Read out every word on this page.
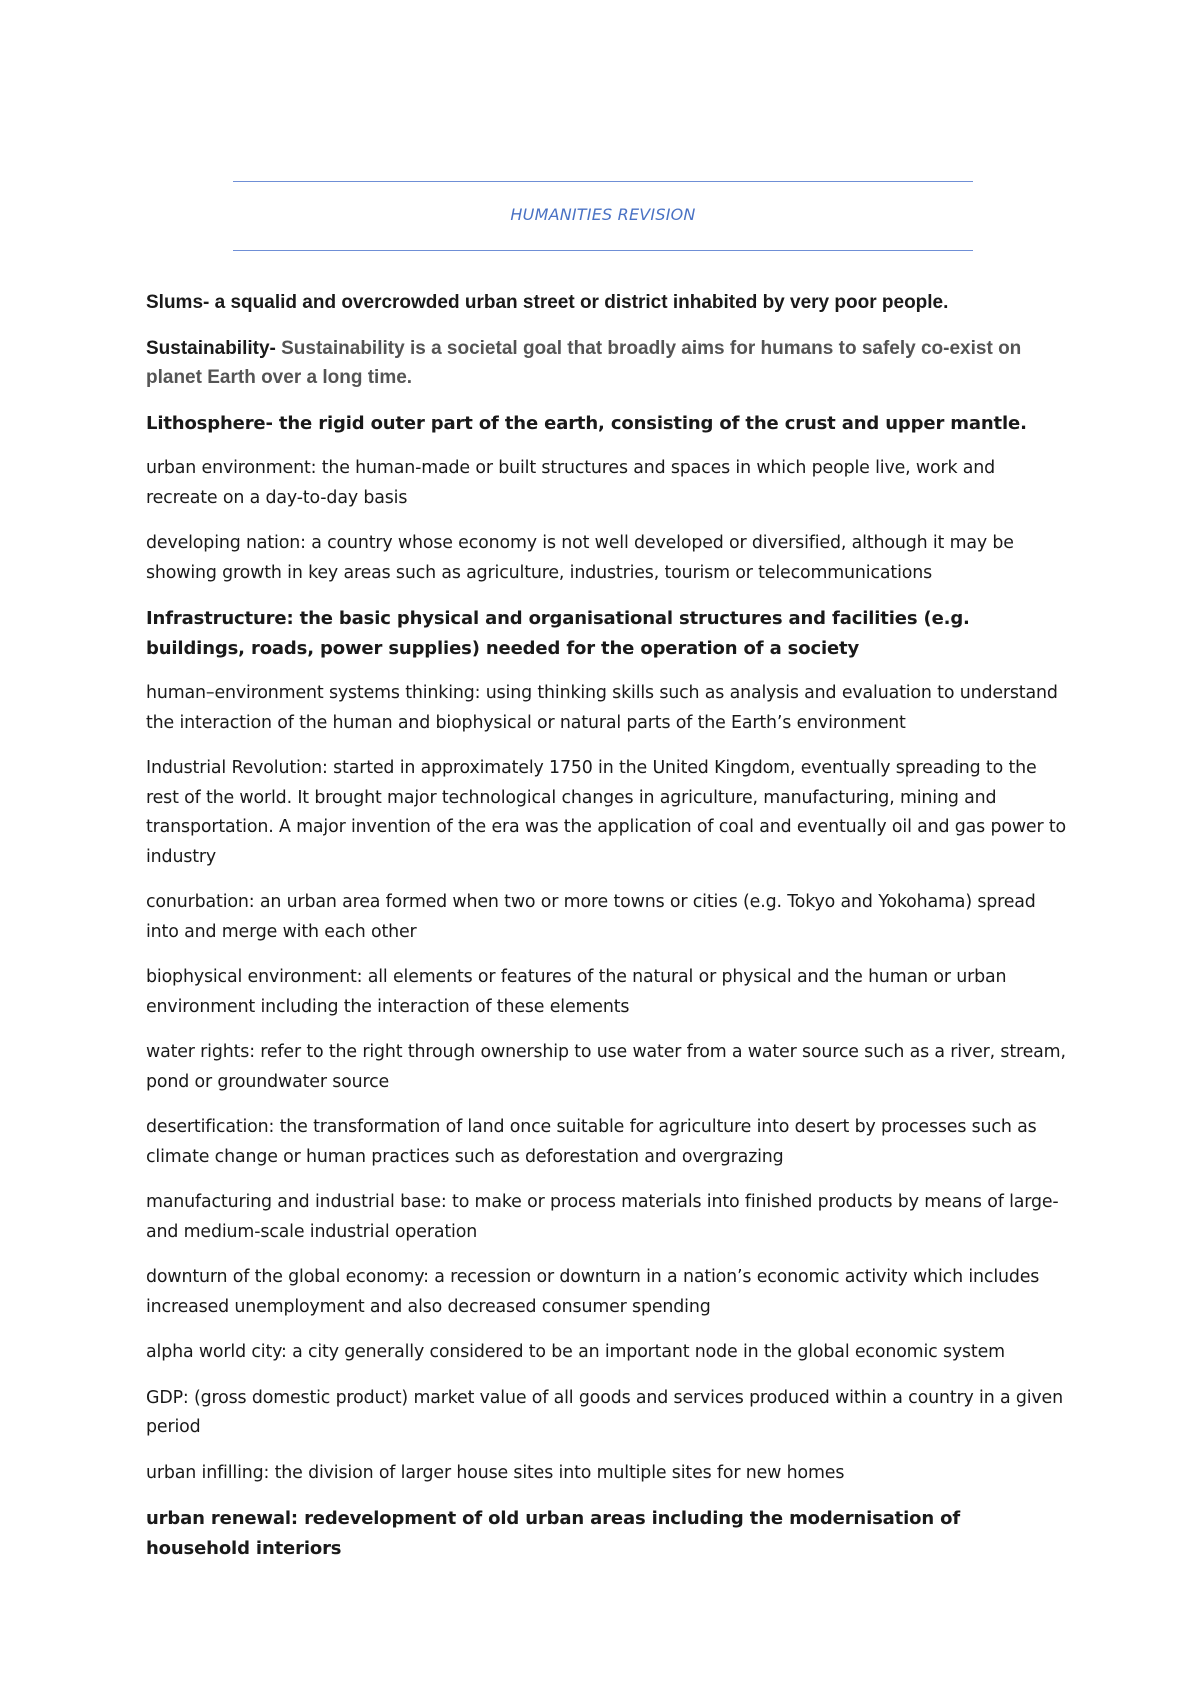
HUMANITIES REVISION

Slums- a squalid and overcrowded urban street or district inhabited by very poor people.

Sustainability- Sustainability is a societal goal that broadly aims for humans to safely co-exist on planet Earth over a long time.

Lithosphere- the rigid outer part of the earth, consisting of the crust and upper mantle.

urban environment: the human-made or built structures and spaces in which people live, work and recreate on a day-to-day basis

developing nation: a country whose economy is not well developed or diversified, although it may be showing growth in key areas such as agriculture, industries, tourism or telecommunications

Infrastructure: the basic physical and organisational structures and facilities (e.g. buildings, roads, power supplies) needed for the operation of a society

human–environment systems thinking: using thinking skills such as analysis and evaluation to understand the interaction of the human and biophysical or natural parts of the Earth’s environment

Industrial Revolution: started in approximately 1750 in the United Kingdom, eventually spreading to the rest of the world. It brought major technological changes in agriculture, manufacturing, mining and transportation. A major invention of the era was the application of coal and eventually oil and gas power to industry

conurbation: an urban area formed when two or more towns or cities (e.g. Tokyo and Yokohama) spread into and merge with each other

biophysical environment: all elements or features of the natural or physical and the human or urban environment including the interaction of these elements

water rights: refer to the right through ownership to use water from a water source such as a river, stream, pond or groundwater source

desertification: the transformation of land once suitable for agriculture into desert by processes such as climate change or human practices such as deforestation and overgrazing

manufacturing and industrial base: to make or process materials into finished products by means of large- and medium-scale industrial operation

downturn of the global economy: a recession or downturn in a nation’s economic activity which includes increased unemployment and also decreased consumer spending

alpha world city: a city generally considered to be an important node in the global economic system

GDP: (gross domestic product) market value of all goods and services produced within a country in a given period

urban infilling: the division of larger house sites into multiple sites for new homes

urban renewal: redevelopment of old urban areas including the modernisation of household interiors
